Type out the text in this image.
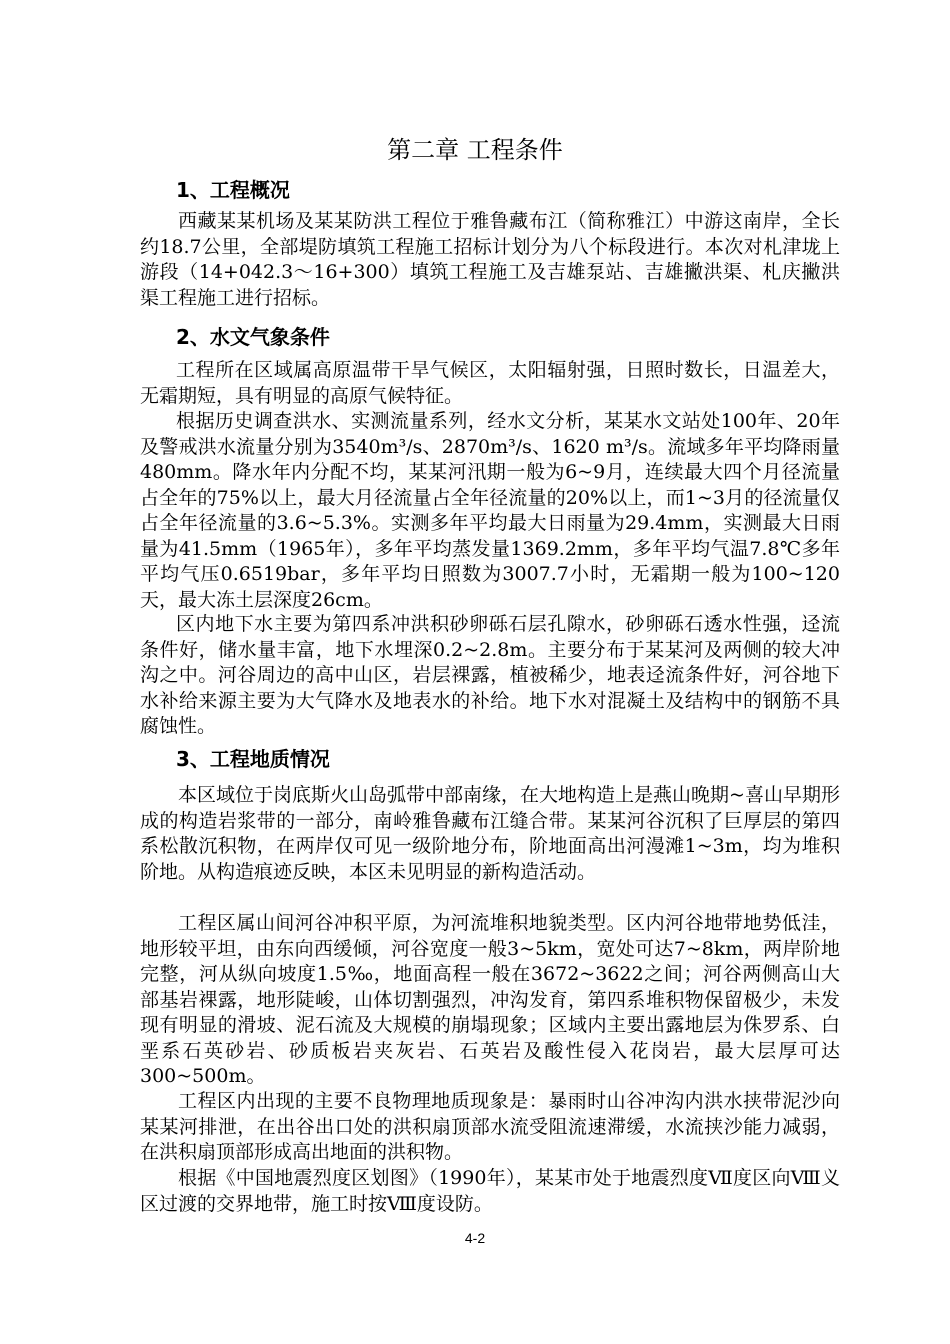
第二章 工程条件
1、工程概况

西藏某某机场及某某防洪工程位于雅鲁藏布江（简称雅江）中游这南岸，全长约18.7公里，全部堤防填筑工程施工招标计划分为八个标段进行。本次对札津垅上游段（14+042.3～16+300）填筑工程施工及吉雄泵站、吉雄撇洪渠、札庆撇洪渠工程施工进行招标。

2、水文气象条件

工程所在区域属高原温带干旱气候区，太阳辐射强，日照时数长，日温差大，无霜期短，具有明显的高原气候特征。

根据历史调查洪水、实测流量系列，经水文分析，某某水文站处100年、20年及警戒洪水流量分别为3540m³/s、2870m³/s、1620 m³/s。流域多年平均降雨量480mm。降水年内分配不均，某某河汛期一般为6~9月，连续最大四个月径流量占全年的75%以上，最大月径流量占全年径流量的20%以上，而1~3月的径流量仅占全年径流量的3.6~5.3%。实测多年平均最大日雨量为29.4mm，实测最大日雨量为41.5mm（1965年），多年平均蒸发量1369.2mm，多年平均气温7.8℃多年平均气压0.6519bar，多年平均日照数为3007.7小时，无霜期一般为100~120天，最大冻土层深度26cm。

区内地下水主要为第四系冲洪积砂卵砾石层孔隙水，砂卵砾石透水性强，迳流条件好，储水量丰富，地下水埋深0.2~2.8m。主要分布于某某河及两侧的较大冲沟之中。河谷周边的高中山区，岩层裸露，植被稀少，地表迳流条件好，河谷地下水补给来源主要为大气降水及地表水的补给。地下水对混凝土及结构中的钢筋不具腐蚀性。

3、工程地质情况

本区域位于岗底斯火山岛弧带中部南缘，在大地构造上是燕山晚期~喜山早期形成的构造岩浆带的一部分，南岭雅鲁藏布江缝合带。某某河谷沉积了巨厚层的第四系松散沉积物，在两岸仅可见一级阶地分布，阶地面高出河漫滩1~3m，均为堆积阶地。从构造痕迹反映，本区未见明显的新构造活动。

工程区属山间河谷冲积平原，为河流堆积地貌类型。区内河谷地带地势低洼，地形较平坦，由东向西缓倾，河谷宽度一般3~5km，宽处可达7~8km，两岸阶地完整，河从纵向坡度1.5‰，地面高程一般在3672~3622之间；河谷两侧高山大部基岩裸露，地形陡峻，山体切割强烈，冲沟发育，第四系堆积物保留极少，未发现有明显的滑坡、泥石流及大规模的崩塌现象；区域内主要出露地层为侏罗系、白垩系石英砂岩、砂质板岩夹灰岩、石英岩及酸性侵入花岗岩，最大层厚可达300~500m。

工程区内出现的主要不良物理地质现象是：暴雨时山谷冲沟内洪水挟带泥沙向某某河排泄，在出谷出口处的洪积扇顶部水流受阻流速滞缓，水流挟沙能力减弱，在洪积扇顶部形成高出地面的洪积物。

根据《中国地震烈度区划图》（1990年），某某市处于地震烈度Ⅶ度区向Ⅷ义区过渡的交界地带，施工时按Ⅷ度设防。

4-2
